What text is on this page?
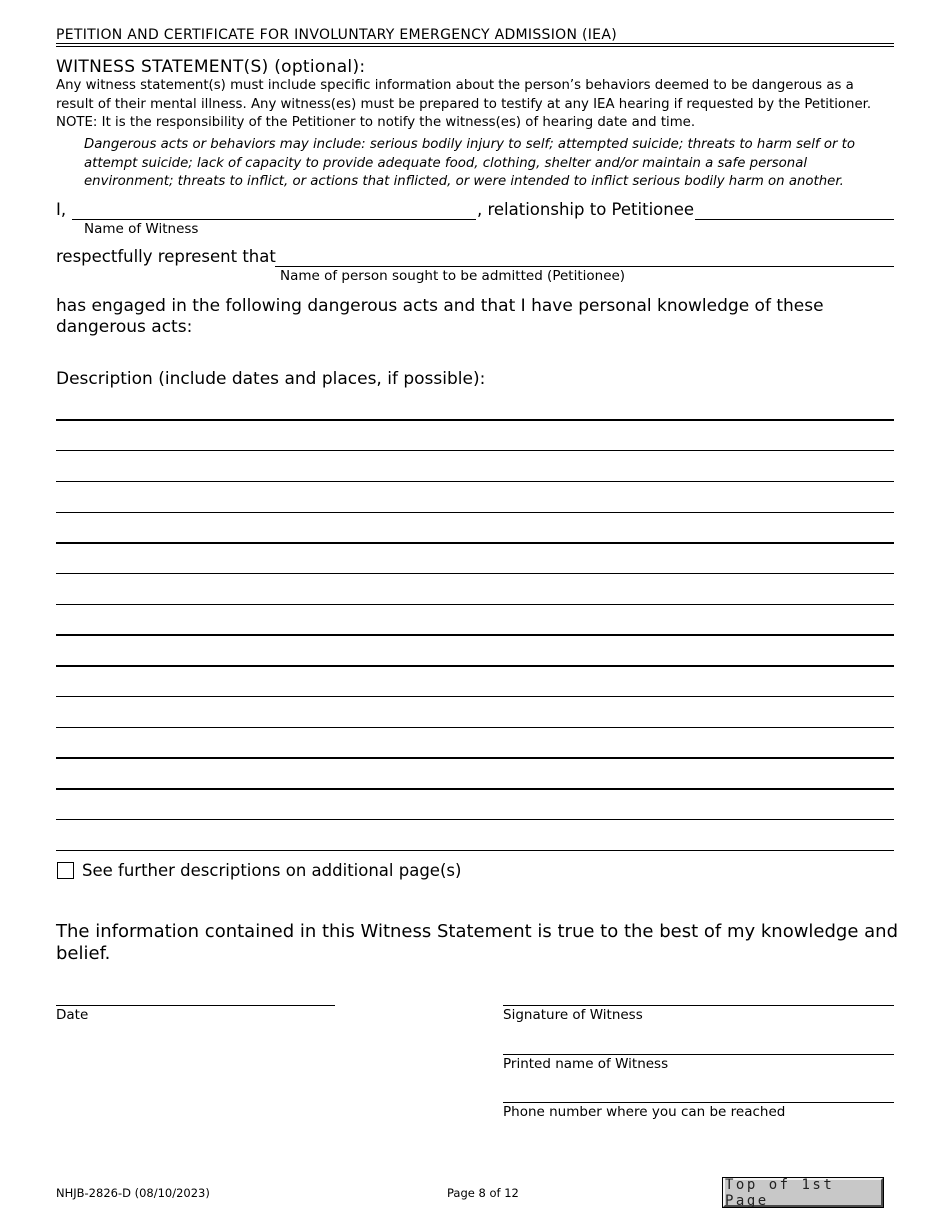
PETITION AND CERTIFICATE FOR INVOLUNTARY EMERGENCY ADMISSION (IEA)
WITNESS STATEMENT(S) (optional):

Any witness statement(s) must include specific information about the person’s behaviors deemed to be dangerous as a

result of their mental illness. Any witness(es) must be prepared to testify at any IEA hearing if requested by the Petitioner.

NOTE: It is the responsibility of the Petitioner to notify the witness(es) of hearing date and time.

Dangerous acts or behaviors may include: serious bodily injury to self; attempted suicide; threats to harm self or to attempt suicide; lack of capacity to provide adequate food, clothing, shelter and/or maintain a safe personal environment; threats to inflict, or actions that inflicted, or were intended to inflict serious bodily harm on another.
I,	, relationship to Petitionee
Name of Witness
respectfully represent that
Name of person sought to be admitted (Petitionee)
has engaged in the following dangerous acts and that I have personal knowledge of these dangerous acts:
Description (include dates and places, if possible):
See further descriptions on additional page(s)
The information contained in this Witness Statement is true to the best of my knowledge and belief.
Date	Signature of Witness
Printed name of Witness
Phone number where you can be reached
NHJB-2826-D (08/10/2023)	Page 8 of 12
Top of 1st Page
